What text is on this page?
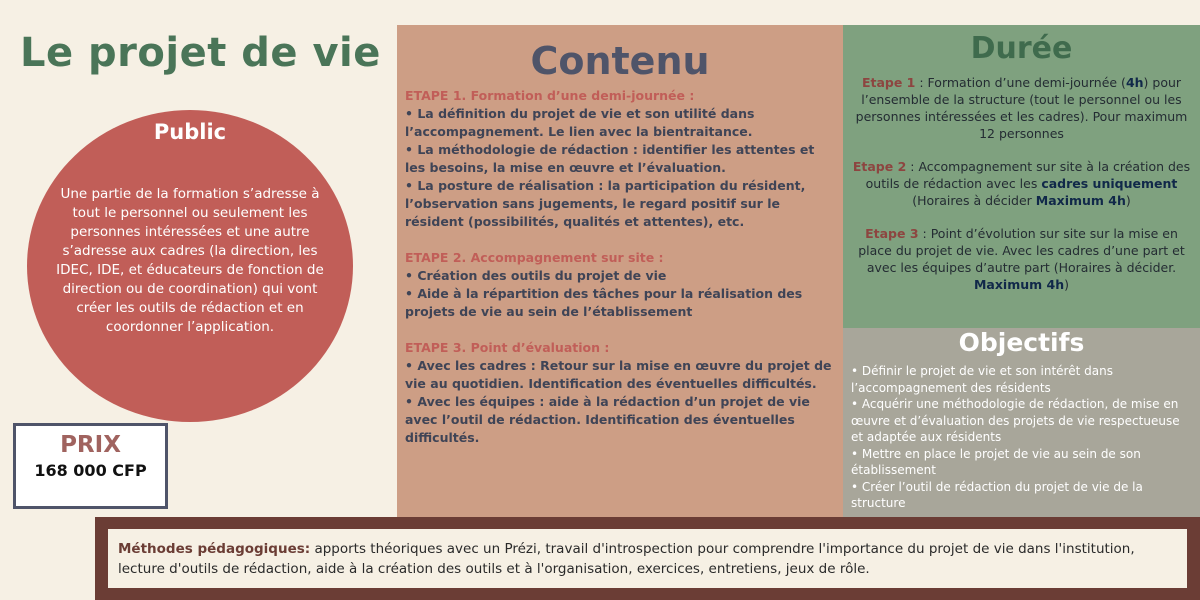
Le projet de vie
Public
Une partie de la formation s’adresse à tout le personnel ou seulement les personnes intéressées et une autre s’adresse aux cadres (la direction, les IDEC, IDE, et éducateurs de fonction de direction ou de coordination) qui vont créer les outils de rédaction et en coordonner l’application.
PRIX
168 000 CFP
Contenu

ETAPE 1. Formation d’une demi-journée :

• La définition du projet de vie et son utilité dans l’accompagnement. Le lien avec la bientraitance.

• La méthodologie de rédaction : identifier les attentes et les besoins, la mise en œuvre et l’évaluation.

• La posture de réalisation : la participation du résident, l’observation sans jugements, le regard positif sur le résident (possibilités, qualités et attentes), etc.

ETAPE 2. Accompagnement sur site :

• Création des outils du projet de vie

• Aide à la répartition des tâches pour la réalisation des projets de vie au sein de l’établissement

ETAPE 3. Point d’évaluation :

• Avec les cadres : Retour sur la mise en œuvre du projet de vie au quotidien. Identification des éventuelles difficultés.

• Avec les équipes : aide à la rédaction d’un projet de vie avec l’outil de rédaction. Identification des éventuelles difficultés.

Durée

Etape 1 : Formation d’une demi-journée (4h) pour l’ensemble de la structure (tout le personnel ou les personnes intéressées et les cadres). Pour maximum 12 personnes

Etape 2 : Accompagnement sur site à la création des outils de rédaction avec les cadres uniquement (Horaires à décider Maximum 4h)

Etape 3 : Point d’évolution sur site sur la mise en place du projet de vie. Avec les cadres d’une part et avec les équipes d’autre part (Horaires à décider. Maximum 4h)

Objectifs

• Définir le projet de vie et son intérêt dans l’accompagnement des résidents

• Acquérir une méthodologie de rédaction, de mise en œuvre et d’évaluation des projets de vie respectueuse et adaptée aux résidents

• Mettre en place le projet de vie au sein de son établissement

• Créer l’outil de rédaction du projet de vie de la structure

Méthodes pédagogiques: apports théoriques avec un Prézi, travail d'introspection pour comprendre l'importance du projet de vie dans l'institution, lecture d'outils de rédaction, aide à la création des outils et à l'organisation, exercices, entretiens, jeux de rôle.
